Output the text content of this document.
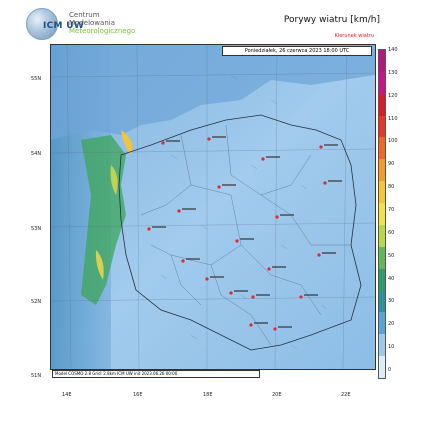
ICM UW
Centrum
Modelowania
Meteorologicznego
Porywy wiatru [km/h]
Kierunek wiatru
Poniedziałek, 26 czerwca 2023 18:00 UTC
Model COSMO 2.8 Grid: 2.8km ICM UW init 2023.06.26 00:00
55N
54N
53N
52N
51N
14E	16E	18E	20E	22E
140
130
120
110
100
90
80
70
60
50
40
30
20
10
0
